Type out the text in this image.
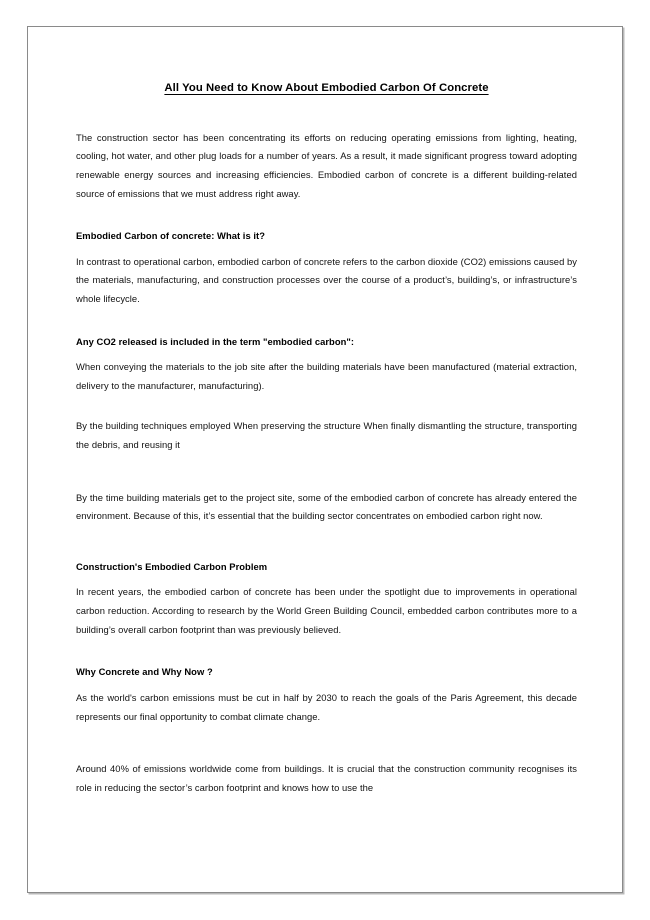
All You Need to Know About Embodied Carbon Of Concrete

The construction sector has been concentrating its efforts on reducing operating emissions from lighting, heating, cooling, hot water, and other plug loads for a number of years. As a result, it made significant progress toward adopting renewable energy sources and increasing efficiencies. Embodied carbon of concrete is a different building-related source of emissions that we must address right away.

Embodied Carbon of concrete: What is it?

In contrast to operational carbon, embodied carbon of concrete refers to the carbon dioxide (CO2) emissions caused by the materials, manufacturing, and construction processes over the course of a product’s, building’s, or infrastructure’s whole lifecycle.

Any CO2 released is included in the term "embodied carbon":

When conveying the materials to the job site after the building materials have been manufactured (material extraction, delivery to the manufacturer, manufacturing).

By the building techniques employed When preserving the structure When finally dismantling the structure, transporting the debris, and reusing it

By the time building materials get to the project site, some of the embodied carbon of concrete has already entered the environment. Because of this, it’s essential that the building sector concentrates on embodied carbon right now.

Construction's Embodied Carbon Problem

In recent years, the embodied carbon of concrete has been under the spotlight due to improvements in operational carbon reduction. According to research by the World Green Building Council, embedded carbon contributes more to a building’s overall carbon footprint than was previously believed.

Why Concrete and Why Now ?

As the world's carbon emissions must be cut in half by 2030 to reach the goals of the Paris Agreement, this decade represents our final opportunity to combat climate change.

Around 40% of emissions worldwide come from buildings. It is crucial that the construction community recognises its role in reducing the sector’s carbon footprint and knows how to use the
